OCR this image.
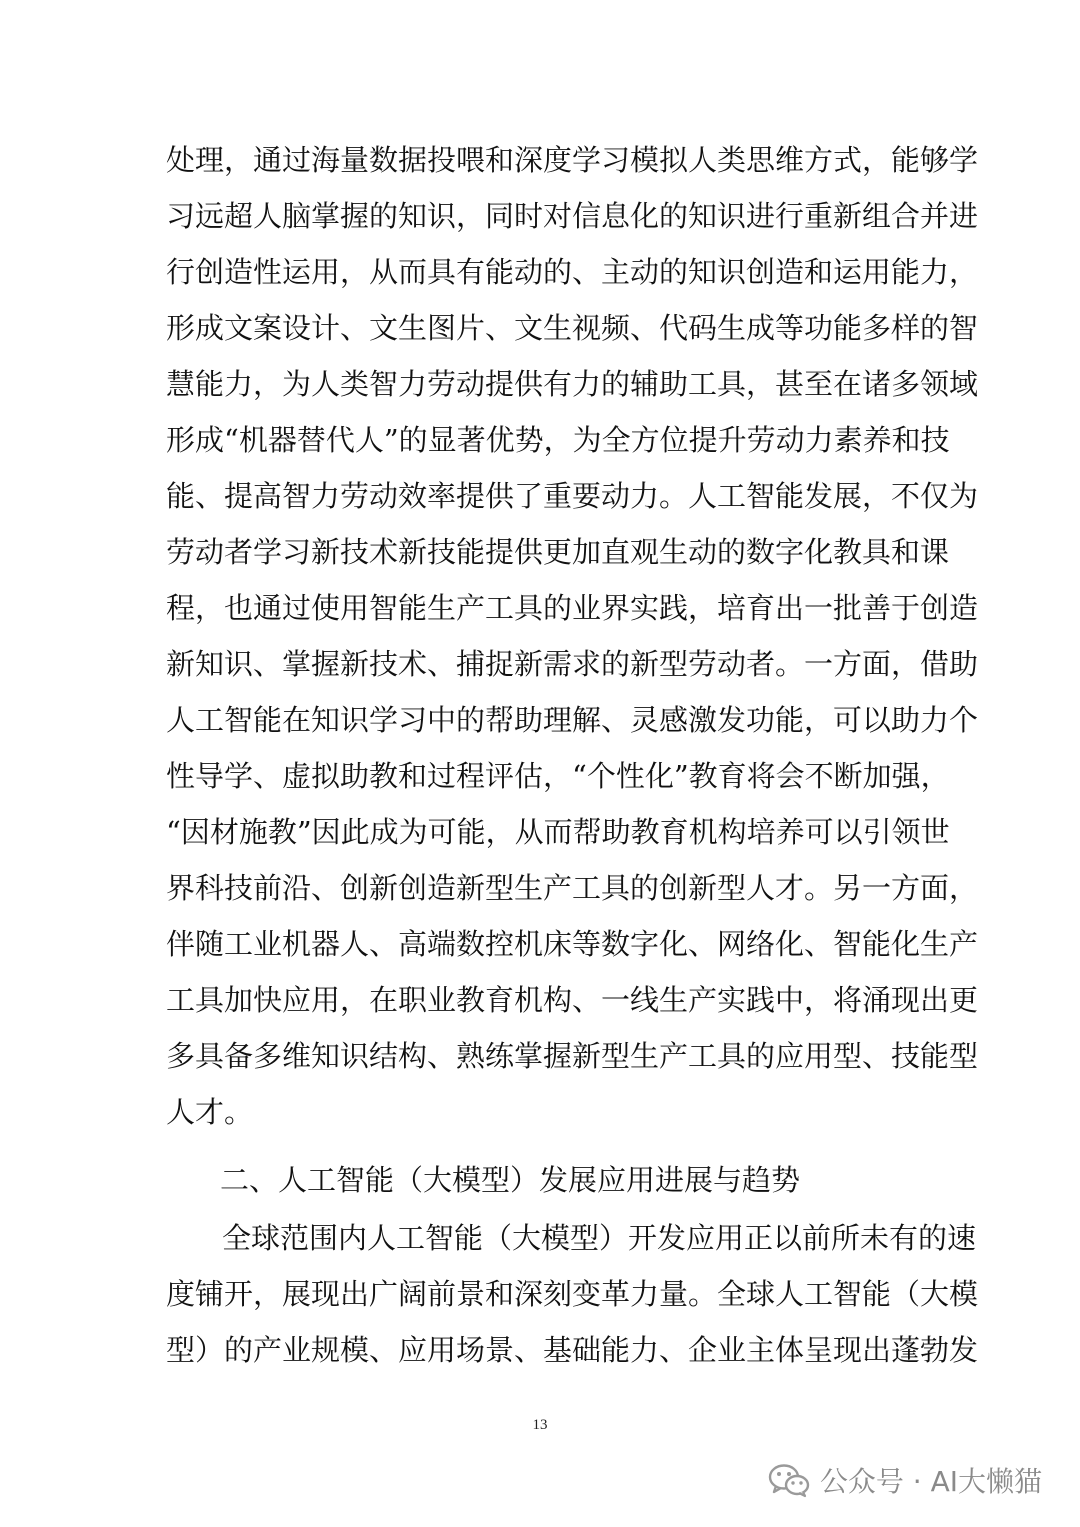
处理，通过海量数据投喂和深度学习模拟人类思维方式，能够学
习远超人脑掌握的知识，同时对信息化的知识进行重新组合并进
行创造性运用，从而具有能动的、主动的知识创造和运用能力，
形成文案设计、文生图片、文生视频、代码生成等功能多样的智
慧能力，为人类智力劳动提供有力的辅助工具，甚至在诸多领域
形成“机器替代人”的显著优势，为全方位提升劳动力素养和技
能、提高智力劳动效率提供了重要动力。人工智能发展，不仅为
劳动者学习新技术新技能提供更加直观生动的数字化教具和课
程，也通过使用智能生产工具的业界实践，培育出一批善于创造
新知识、掌握新技术、捕捉新需求的新型劳动者。一方面，借助
人工智能在知识学习中的帮助理解、灵感激发功能，可以助力个
性导学、虚拟助教和过程评估，“个性化”教育将会不断加强，
“因材施教”因此成为可能，从而帮助教育机构培养可以引领世
界科技前沿、创新创造新型生产工具的创新型人才。另一方面，
伴随工业机器人、高端数控机床等数字化、网络化、智能化生产
工具加快应用，在职业教育机构、一线生产实践中，将涌现出更
多具备多维知识结构、熟练掌握新型生产工具的应用型、技能型
人才。
二、人工智能（大模型）发展应用进展与趋势
全球范围内人工智能（大模型）开发应用正以前所未有的速
度铺开，展现出广阔前景和深刻变革力量。全球人工智能（大模
型）的产业规模、应用场景、基础能力、企业主体呈现出蓬勃发
13
公众号 · AI大懒猫
